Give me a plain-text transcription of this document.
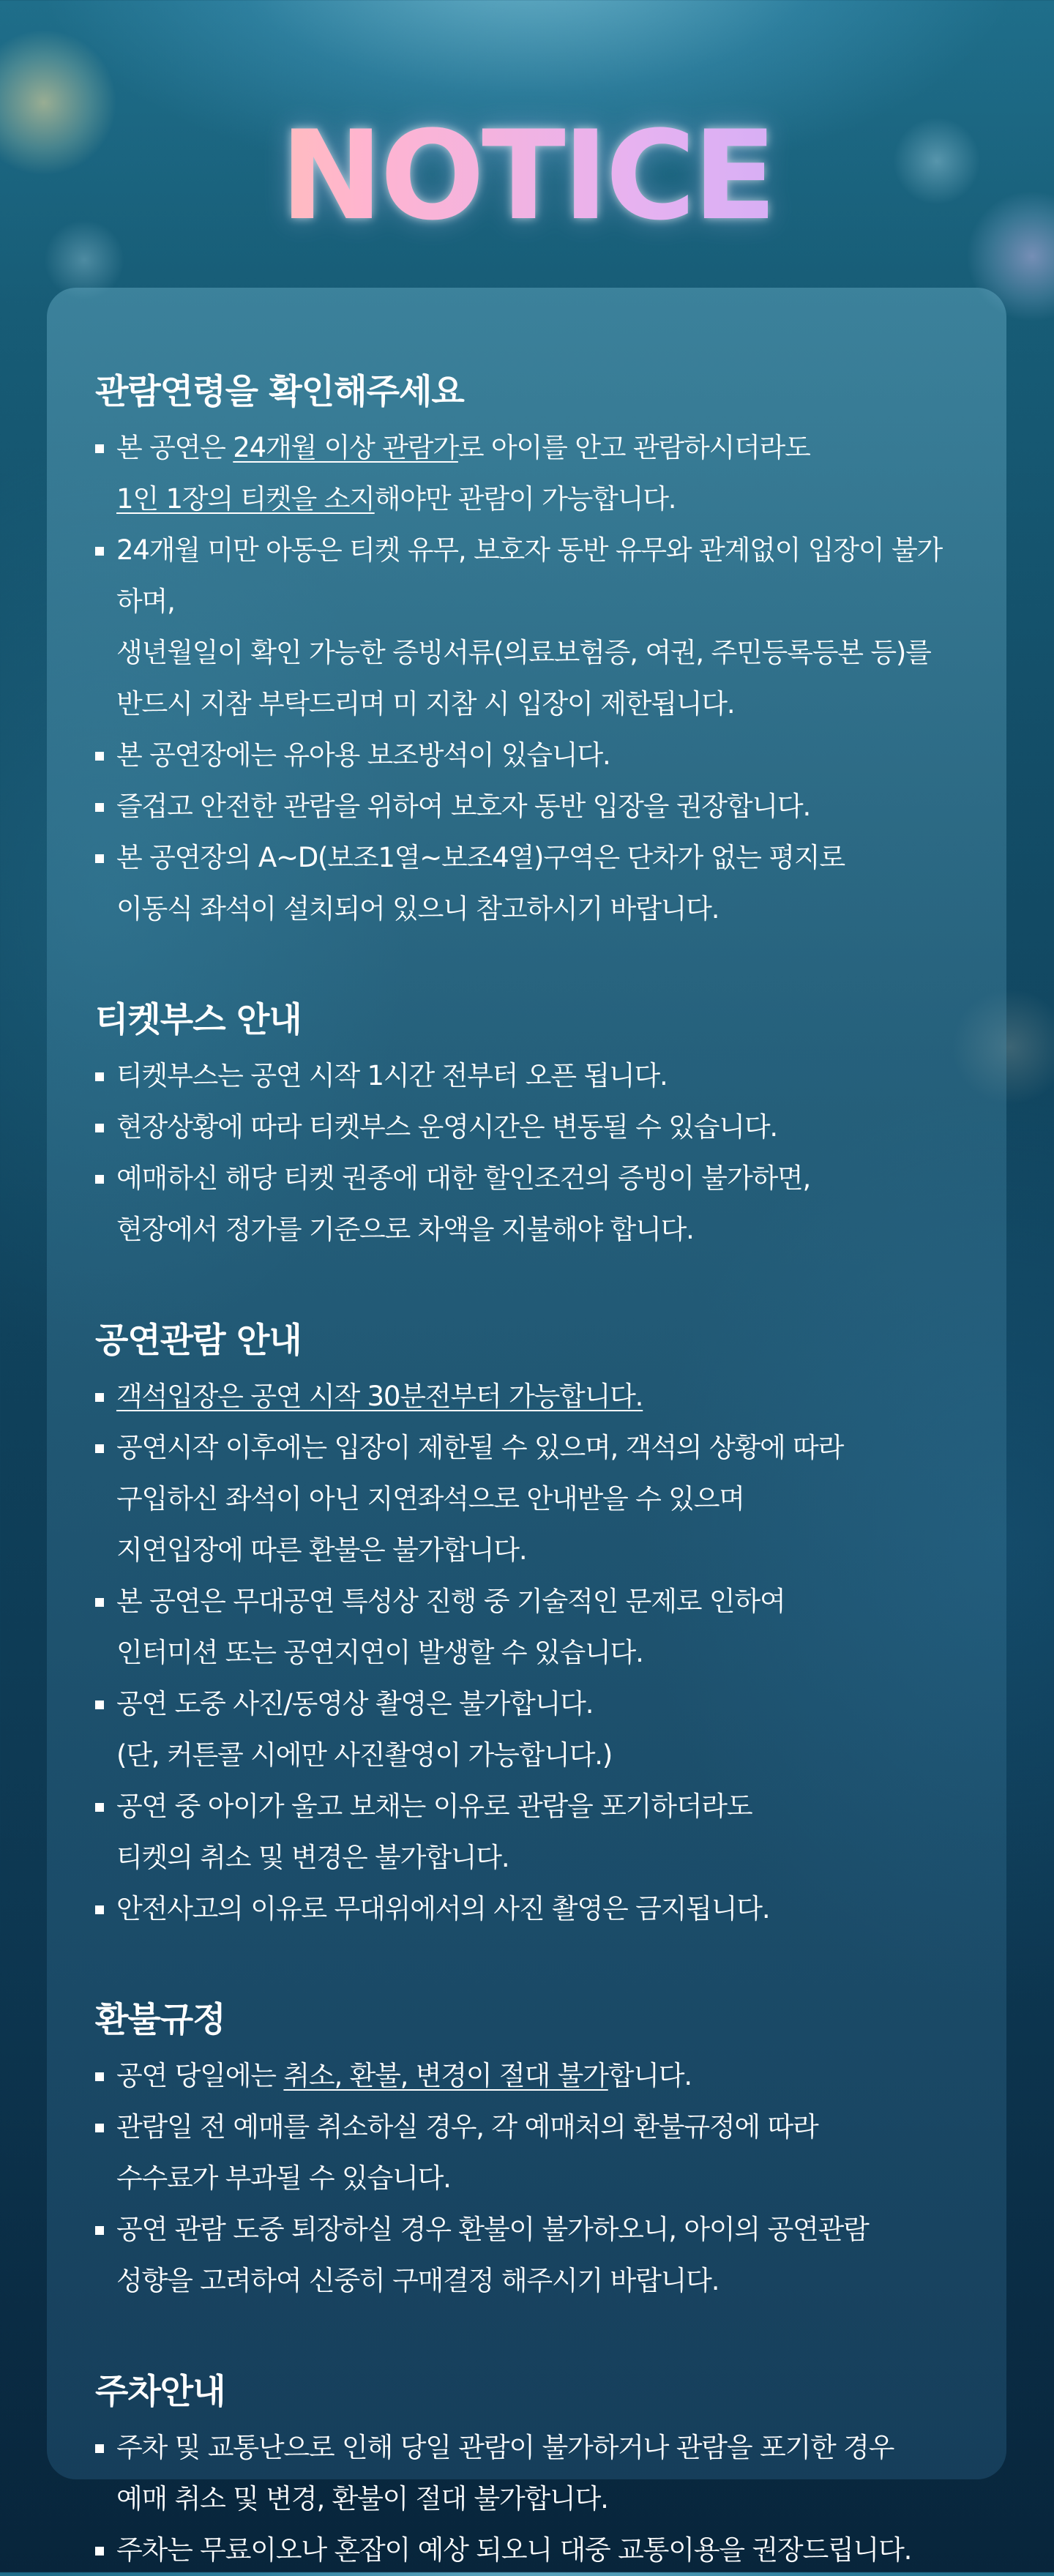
NOTICE
관람연령을 확인해주세요
본 공연은 24개월 이상 관람가로 아이를 안고 관람하시더라도
1인 1장의 티켓을 소지해야만 관람이 가능합니다.
24개월 미만 아동은 티켓 유무, 보호자 동반 유무와 관계없이 입장이 불가하며,
생년월일이 확인 가능한 증빙서류(의료보험증, 여권, 주민등록등본 등)를
반드시 지참 부탁드리며 미 지참 시 입장이 제한됩니다.
본 공연장에는 유아용 보조방석이 있습니다.
즐겁고 안전한 관람을 위하여 보호자 동반 입장을 권장합니다.
본 공연장의 A~D(보조1열~보조4열)구역은 단차가 없는 평지로
이동식 좌석이 설치되어 있으니 참고하시기 바랍니다.
티켓부스 안내
티켓부스는 공연 시작 1시간 전부터 오픈 됩니다.
현장상황에 따라 티켓부스 운영시간은 변동될 수 있습니다.
예매하신 해당 티켓 권종에 대한 할인조건의 증빙이 불가하면,
현장에서 정가를 기준으로 차액을 지불해야 합니다.
공연관람 안내
객석입장은 공연 시작 30분전부터 가능합니다.
공연시작 이후에는 입장이 제한될 수 있으며, 객석의 상황에 따라
구입하신 좌석이 아닌 지연좌석으로 안내받을 수 있으며
지연입장에 따른 환불은 불가합니다.
본 공연은 무대공연 특성상 진행 중 기술적인 문제로 인하여
인터미션 또는 공연지연이 발생할 수 있습니다.
공연 도중 사진/동영상 촬영은 불가합니다.
(단, 커튼콜 시에만 사진촬영이 가능합니다.)
공연 중 아이가 울고 보채는 이유로 관람을 포기하더라도
티켓의 취소 및 변경은 불가합니다.
안전사고의 이유로 무대위에서의 사진 촬영은 금지됩니다.
환불규정
공연 당일에는 취소, 환불, 변경이 절대 불가합니다.
관람일 전 예매를 취소하실 경우, 각 예매처의 환불규정에 따라
수수료가 부과될 수 있습니다.
공연 관람 도중 퇴장하실 경우 환불이 불가하오니, 아이의 공연관람
성향을 고려하여 신중히 구매결정 해주시기 바랍니다.
주차안내
주차 및 교통난으로 인해 당일 관람이 불가하거나 관람을 포기한 경우
예매 취소 및 변경, 환불이 절대 불가합니다.
주차는 무료이오나 혼잡이 예상 되오니 대중 교통이용을 권장드립니다.
